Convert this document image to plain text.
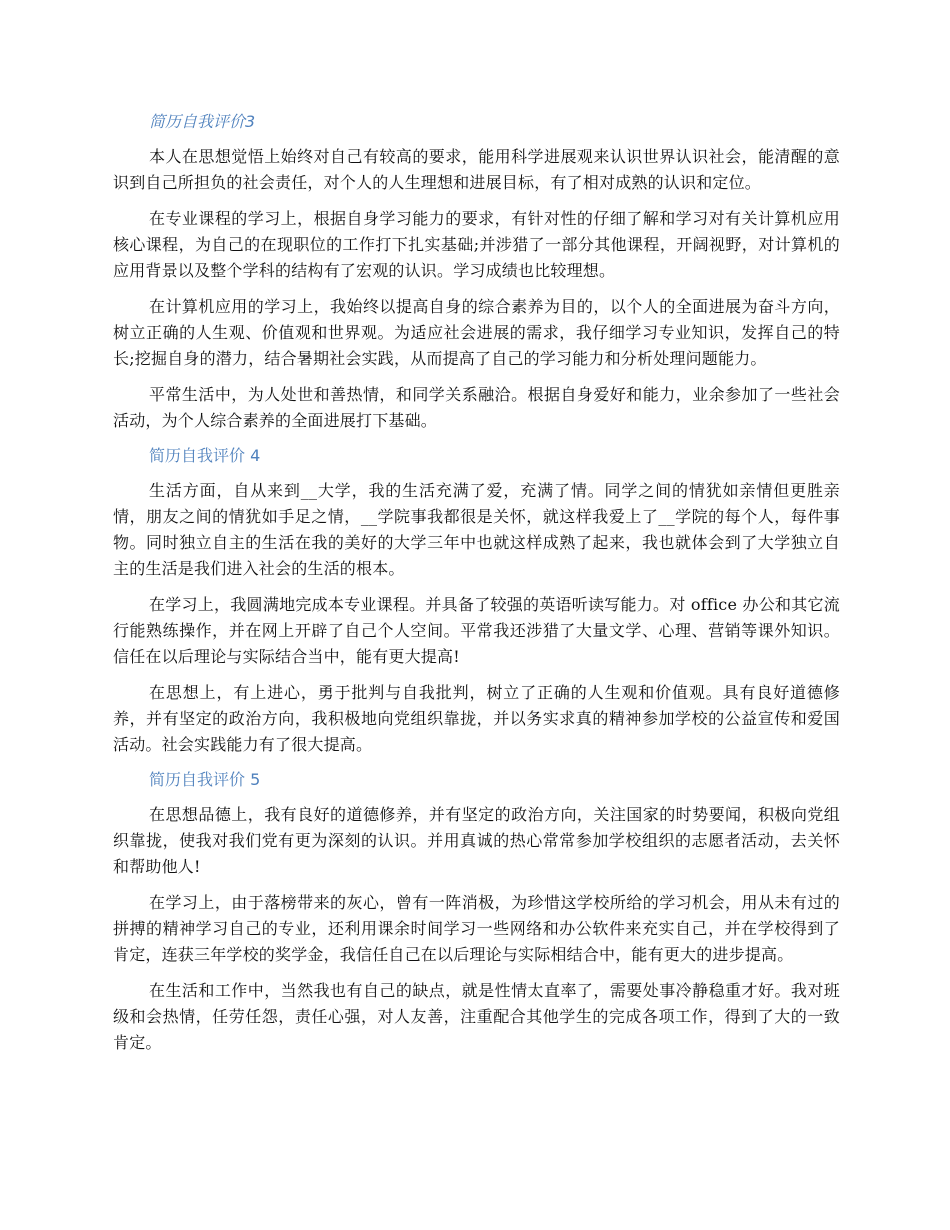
简历自我评价3

本人在思想觉悟上始终对自己有较高的要求，能用科学进展观来认识世界认识社会，能清醒的意识到自己所担负的社会责任，对个人的人生理想和进展目标，有了相对成熟的认识和定位。

在专业课程的学习上，根据自身学习能力的要求，有针对性的仔细了解和学习对有关计算机应用核心课程，为自己的在现职位的工作打下扎实基础;并涉猎了一部分其他课程，开阔视野，对计算机的应用背景以及整个学科的结构有了宏观的认识。学习成绩也比较理想。

在计算机应用的学习上，我始终以提高自身的综合素养为目的，以个人的全面进展为奋斗方向，树立正确的人生观、价值观和世界观。为适应社会进展的需求，我仔细学习专业知识，发挥自己的特长;挖掘自身的潜力，结合暑期社会实践，从而提高了自己的学习能力和分析处理问题能力。

平常生活中，为人处世和善热情，和同学关系融洽。根据自身爱好和能力，业余参加了一些社会活动，为个人综合素养的全面进展打下基础。

简历自我评价 4

生活方面，自从来到__大学，我的生活充满了爱，充满了情。同学之间的情犹如亲情但更胜亲情，朋友之间的情犹如手足之情，__学院事我都很是关怀，就这样我爱上了__学院的每个人，每件事物。同时独立自主的生活在我的美好的大学三年中也就这样成熟了起来，我也就体会到了大学独立自主的生活是我们进入社会的生活的根本。

在学习上，我圆满地完成本专业课程。并具备了较强的英语听读写能力。对 office 办公和其它流行能熟练操作，并在网上开辟了自己个人空间。平常我还涉猎了大量文学、心理、营销等课外知识。信任在以后理论与实际结合当中，能有更大提高!

在思想上，有上进心，勇于批判与自我批判，树立了正确的人生观和价值观。具有良好道德修养，并有坚定的政治方向，我积极地向党组织靠拢，并以务实求真的精神参加学校的公益宣传和爱国活动。社会实践能力有了很大提高。

简历自我评价 5

在思想品德上，我有良好的道德修养，并有坚定的政治方向，关注国家的时势要闻，积极向党组织靠拢，使我对我们党有更为深刻的认识。并用真诚的热心常常参加学校组织的志愿者活动，去关怀和帮助他人!

在学习上，由于落榜带来的灰心，曾有一阵消极，为珍惜这学校所给的学习机会，用从未有过的拼搏的精神学习自己的专业，还利用课余时间学习一些网络和办公软件来充实自己，并在学校得到了肯定，连获三年学校的奖学金，我信任自己在以后理论与实际相结合中，能有更大的进步提高。

在生活和工作中，当然我也有自己的缺点，就是性情太直率了，需要处事冷静稳重才好。我对班级和会热情，任劳任怨，责任心强，对人友善，注重配合其他学生的完成各项工作，得到了大的一致肯定。
